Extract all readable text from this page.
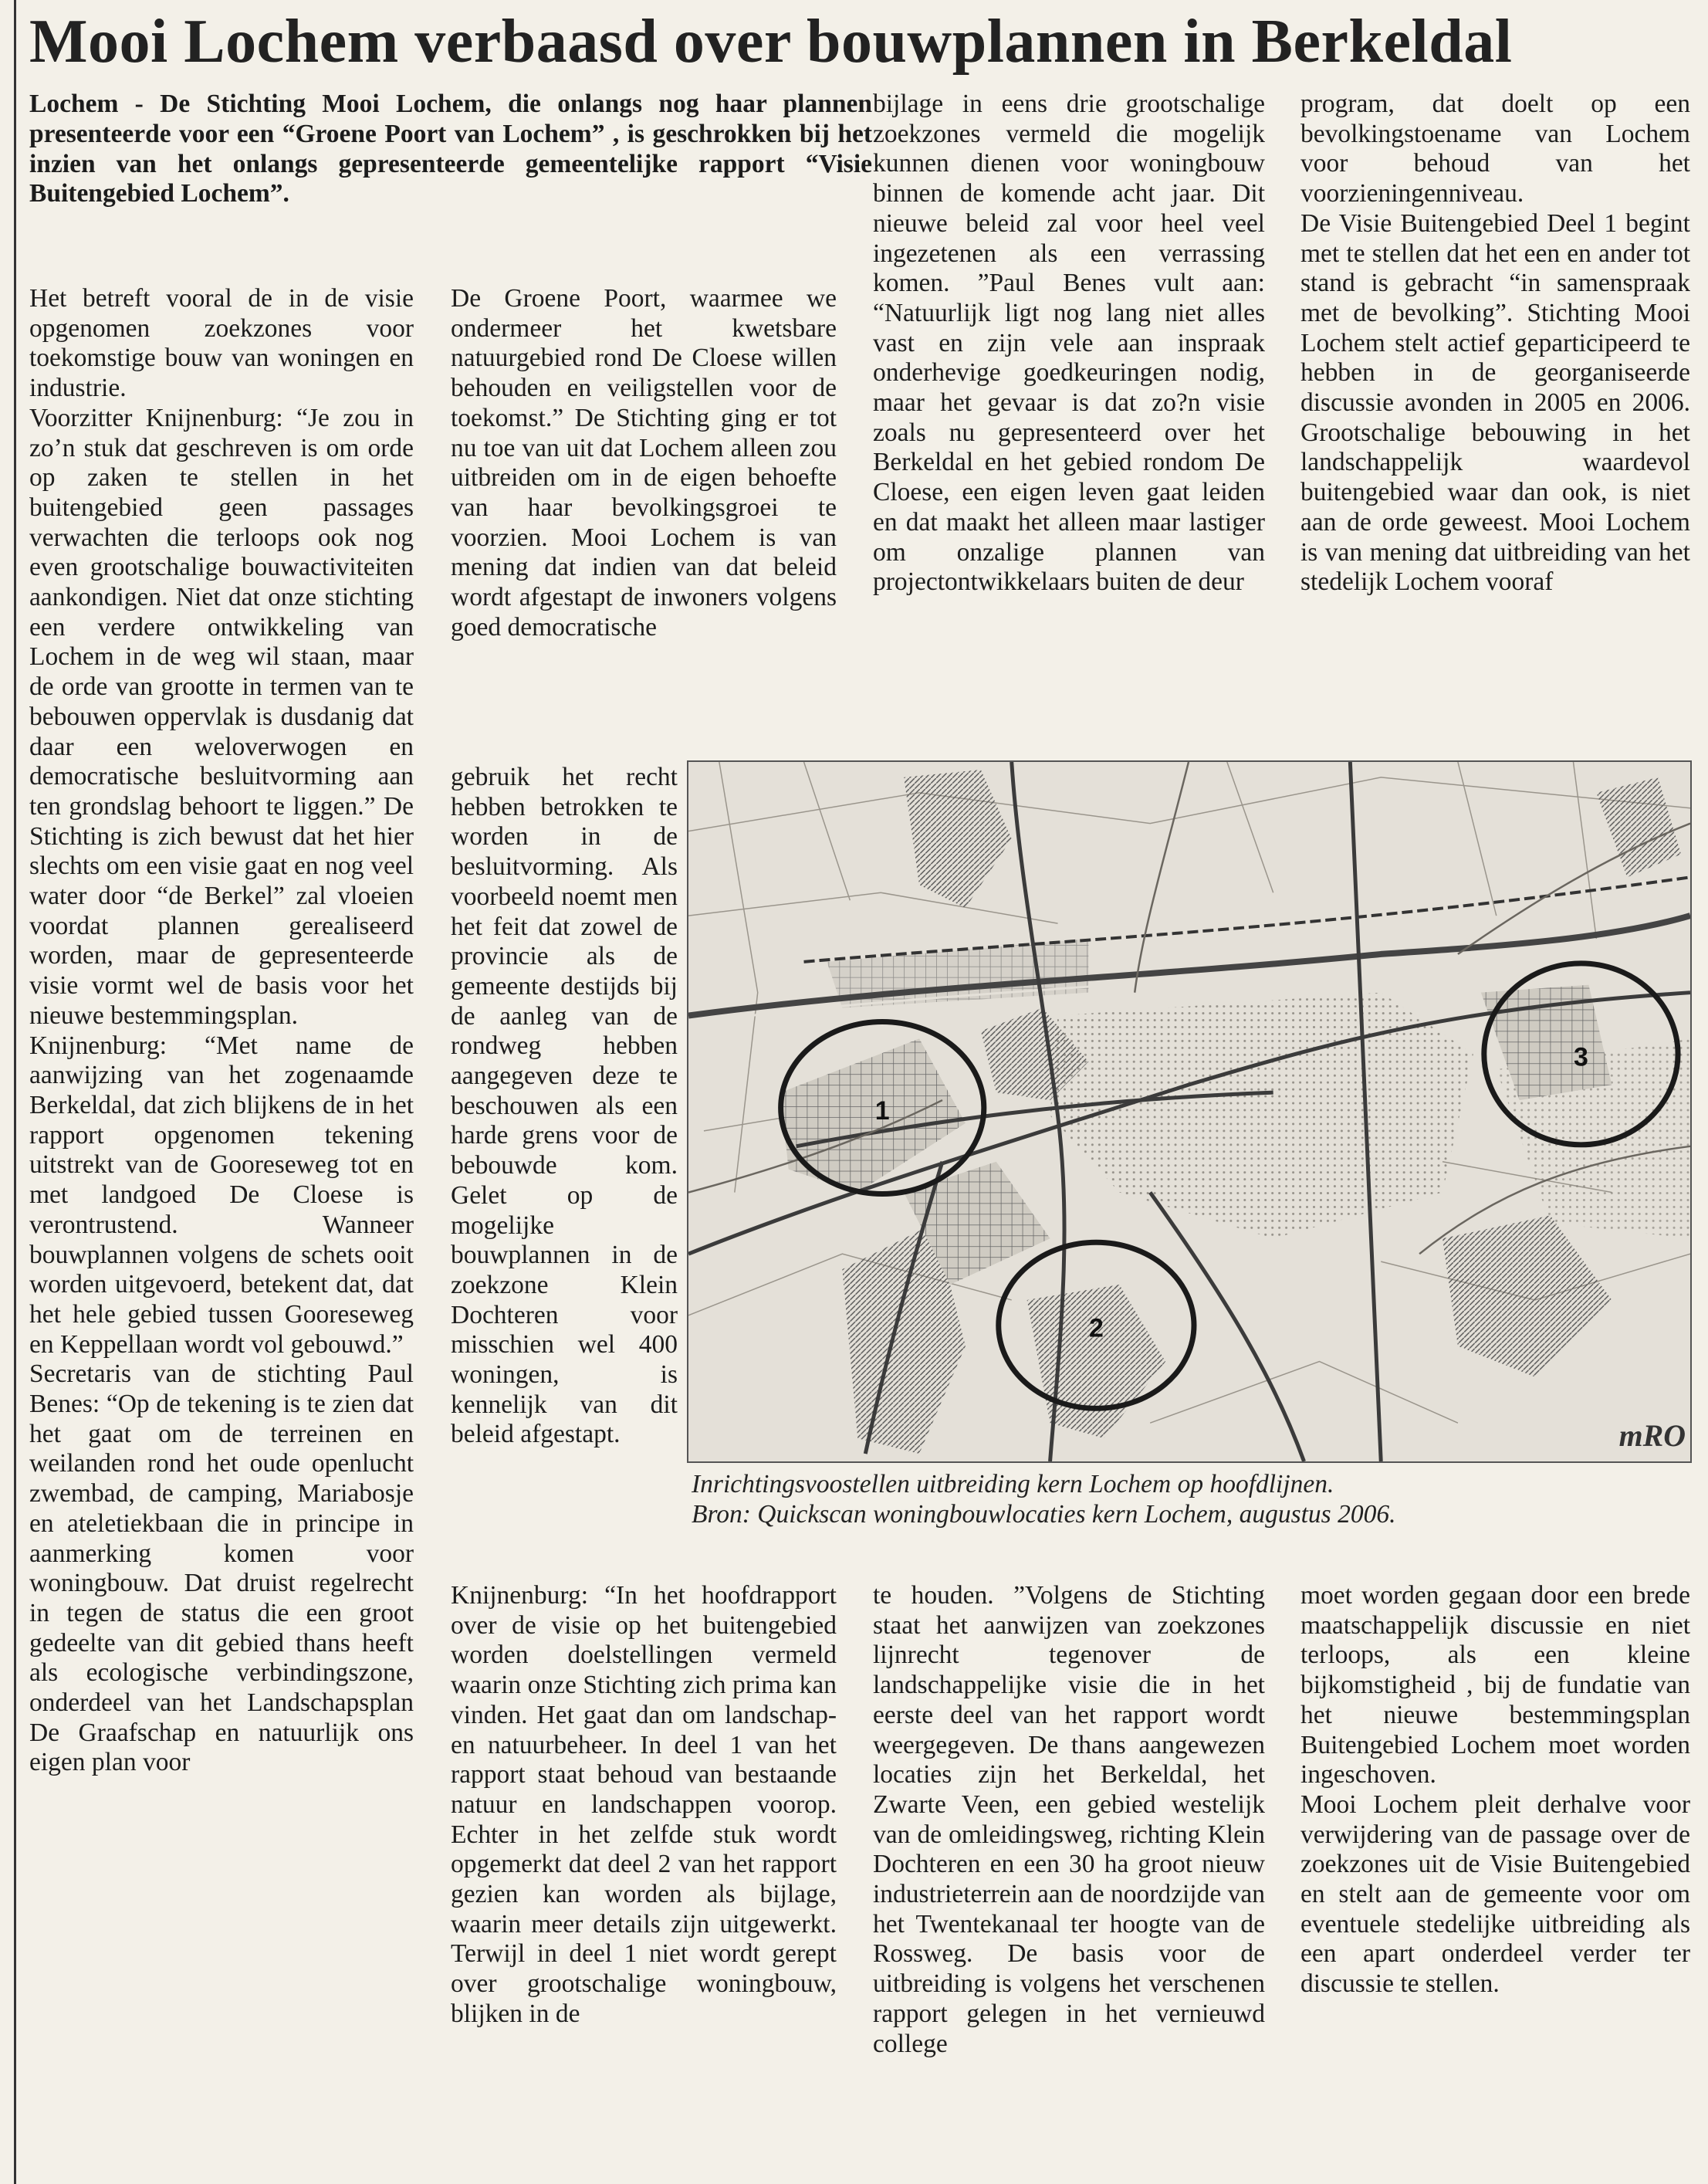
Mooi Lochem verbaasd over bouwplannen in Berkeldal
Lochem - De Stichting Mooi Lochem, die onlangs nog haar plannen presenteerde voor een “Groene Poort van Lochem” , is geschrokken bij het inzien van het onlangs gepresenteerde gemeentelijke rapport “Visie Buitengebied Lochem”.

Het betreft vooral de in de visie opgenomen zoekzones voor toekomstige bouw van woningen en industrie.

Voorzitter Knijnenburg: “Je zou in zo’n stuk dat geschreven is om orde op zaken te stellen in het buitengebied geen passages verwachten die terloops ook nog even grootschalige bouwactiviteiten aankondigen. Niet dat onze stichting een verdere ontwikkeling van Lochem in de weg wil staan, maar de orde van grootte in termen van te bebouwen oppervlak is dusdanig dat daar een weloverwogen en democratische besluitvorming aan ten grondslag behoort te liggen.” De Stichting is zich bewust dat het hier slechts om een visie gaat en nog veel water door “de Berkel” zal vloeien voordat plannen gerealiseerd worden, maar de gepresenteerde visie vormt wel de basis voor het nieuwe bestemmingsplan.

Knijnenburg: “Met name de aanwijzing van het zogenaamde Berkeldal, dat zich blijkens de in het rapport opgenomen tekening uitstrekt van de Gooreseweg tot en met landgoed De Cloese is verontrustend. Wanneer bouwplannen volgens de schets ooit worden uitgevoerd, betekent dat, dat het hele gebied tussen Gooreseweg en Keppellaan wordt vol gebouwd.”

Secretaris van de stichting Paul Benes: “Op de tekening is te zien dat het gaat om de terreinen en weilanden rond het oude openlucht zwembad, de camping, Mariabosje en ateletiekbaan die in principe in aanmerking komen voor woningbouw. Dat druist regelrecht in tegen de status die een groot gedeelte van dit gebied thans heeft als ecologische verbindingszone, onderdeel van het Landschapsplan De Graafschap en natuurlijk ons eigen plan voor

De Groene Poort, waarmee we ondermeer het kwetsbare natuurgebied rond De Cloese willen behouden en veiligstellen voor de toekomst.” De Stichting ging er tot nu toe van uit dat Lochem alleen zou uitbreiden om in de eigen behoefte van haar bevolkingsgroei te voorzien. Mooi Lochem is van mening dat indien van dat beleid wordt afgestapt de inwoners volgens goed democratische

gebruik het recht hebben betrokken te worden in de besluitvorming. Als voorbeeld noemt men het feit dat zowel de provincie als de gemeente destijds bij de aanleg van de rondweg hebben aangegeven deze te beschouwen als een harde grens voor de bebouwde kom. Gelet op de mogelijke bouwplannen in de zoekzone Klein Dochteren voor misschien wel 400 woningen, is kennelijk van dit beleid afgestapt.

Knijnenburg: “In het hoofdrapport over de visie op het buitengebied worden doelstellingen vermeld waarin onze Stichting zich prima kan vinden. Het gaat dan om landschap- en natuurbeheer. In deel 1 van het rapport staat behoud van bestaande natuur en landschappen voorop. Echter in het zelfde stuk wordt opgemerkt dat deel 2 van het rapport gezien kan worden als bijlage, waarin meer details zijn uitgewerkt. Terwijl in deel 1 niet wordt gerept over grootschalige woningbouw, blijken in de

bijlage in eens drie grootschalige zoekzones vermeld die mogelijk kunnen dienen voor woningbouw binnen de komende acht jaar. Dit nieuwe beleid zal voor heel veel ingezetenen als een verrassing komen. ”Paul Benes vult aan: “Natuurlijk ligt nog lang niet alles vast en zijn vele aan inspraak onderhevige goedkeuringen nodig, maar het gevaar is dat zo?n visie zoals nu gepresenteerd over het Berkeldal en het gebied rondom De Cloese, een eigen leven gaat leiden en dat maakt het alleen maar lastiger om onzalige plannen van projectontwikkelaars buiten de deur

te houden. ”Volgens de Stichting staat het aanwijzen van zoekzones lijnrecht tegenover de landschappelijke visie die in het eerste deel van het rapport wordt weergegeven. De thans aangewezen locaties zijn het Berkeldal, het Zwarte Veen, een gebied westelijk van de omleidingsweg, richting Klein Dochteren en een 30 ha groot nieuw industrieterrein aan de noordzijde van het Twentekanaal ter hoogte van de Rossweg. De basis voor de uitbreiding is volgens het verschenen rapport gelegen in het vernieuwd college

program, dat doelt op een bevolkingstoename van Lochem voor behoud van het voorzieningenniveau.

De Visie Buitengebied Deel 1 begint met te stellen dat het een en ander tot stand is gebracht “in samenspraak met de bevolking”. Stichting Mooi Lochem stelt actief geparticipeerd te hebben in de georganiseerde discussie avonden in 2005 en 2006. Grootschalige bebouwing in het landschappelijk waardevol buitengebied waar dan ook, is niet aan de orde geweest. Mooi Lochem is van mening dat uitbreiding van het stedelijk Lochem vooraf

moet worden gegaan door een brede maatschappelijk discussie en niet terloops, als een kleine bijkomstigheid , bij de fundatie van het nieuwe bestemmingsplan Buitengebied Lochem moet worden ingeschoven.

Mooi Lochem pleit derhalve voor verwijdering van de passage over de zoekzones uit de Visie Buitengebied en stelt aan de gemeente voor om eventuele stedelijke uitbreiding als een apart onderdeel verder ter discussie te stellen.

1
2
3
mRO
Inrichtingsvoostellen uitbreiding kern Lochem op hoofdlijnen.
Bron: Quickscan woningbouwlocaties kern Lochem, augustus 2006.
